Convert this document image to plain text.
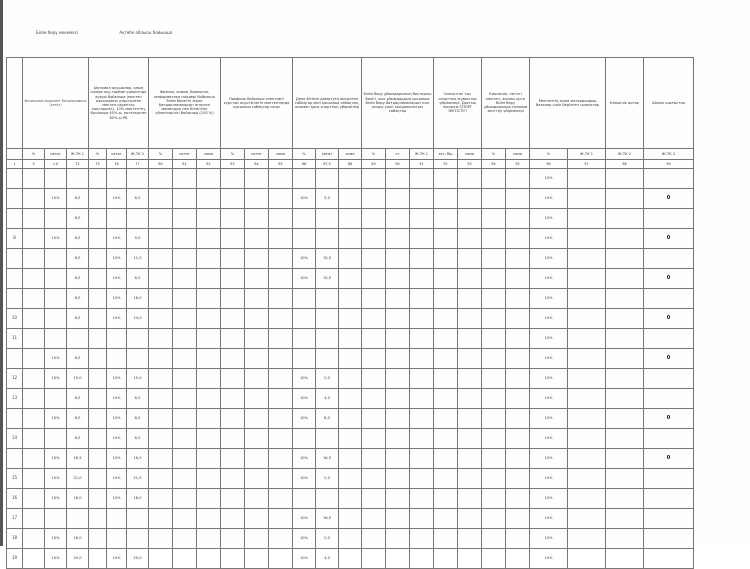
Білім беру мекемесі	Ақтөбе облысы бойынша
	Физикалық мәдениет бағдарламасы
(сағат)			Ықтимал оқушылар, оның ішінде оқу-тәрбие үдерісінде ауруы бойынша (мектеп жасындағы ұзартылған мектеп-сараптау лықтарына), 10% мектептің, Қосымша 40%-ы, орталықтан 80%-ы РБ			Физика, химия, биология, информатика пәндері бойынша білім беретін және бағдарламаларын игерген мамандық пен біліктілік үйлесімділігі бойынша (100 %)			Профиль бойынша элективті курстар жүргізілетін мектептерде қосымша сабақтар саны			Дене бітімін дамытуға арналған сабақтар мен қосымша сабақтар, онымен қоса спорттық үйірмелер			Білім беру ұйымдарының бастауыш бөлігі, осы ұйымдардың қосымша білім беру бағдарламаларын іске асыру үшін қолданылатын сабақтар			Сыныптан тыс спорттық жұмыстар үйірмелері, Достық жарысы СПОРТ ЖЕТІСТІГІ		Биология, негізгі мектеп, жалпы орта білім беру ұйымдарында ғылыми зерттеу үйірмелері		Мектептің жаңа материалдық базалар үшін берілген сыныптар		Көпшілік ортақ	Айлық шығыстар
	%	сағат	Ж.ТК 1	%	сағат	Ж.ТК 2	%	сағат	сома	%	сағат	сома	%	сағат	сома	%	ст	Ж.ТК 1	ест. бір	сома	%	сома	%	Ж.ТК 1	Ж.ТК 2	Ж.ТК 3
1	9	1.0	72	75	76	77	80	81	82	83	84	85	86	87,9	88	89	90	91	92	93	94	95	96	97	98	99
																							10%			
		10%	8,0		10%	8,0							10%	5,0									10%			0
			8,0																				10%			
8		10%	8,0		10%	9,0																	10%			0
			8,0		10%	11,0							10%	10,0									10%			
			8,0		10%	8,0							10%	10,0									10%			0
			8,0		10%	16,0																	10%			
10			8,0		10%	14,0																	10%			0
11																							10%			
		10%	8,0																				10%			0
12		10%	15,0		10%	15,0							10%	2,0									10%			
13			8,0		10%	8,0							10%	4,0									10%			
		10%	8,0		10%	8,0							10%	8,0									10%			0
14			8,0		10%	8,0																	10%			
		10%	16,5		10%	16,5							10%	16,5									10%			0
15		10%	21,0		10%	21,0							10%	2,0									10%			
16		10%	18,0		10%	18,0																	10%			
17													10%	16,0									10%			
18		10%	16,0										10%	2,0									10%			
19		10%	20,0		10%	20,0							10%	4,0									10%			
